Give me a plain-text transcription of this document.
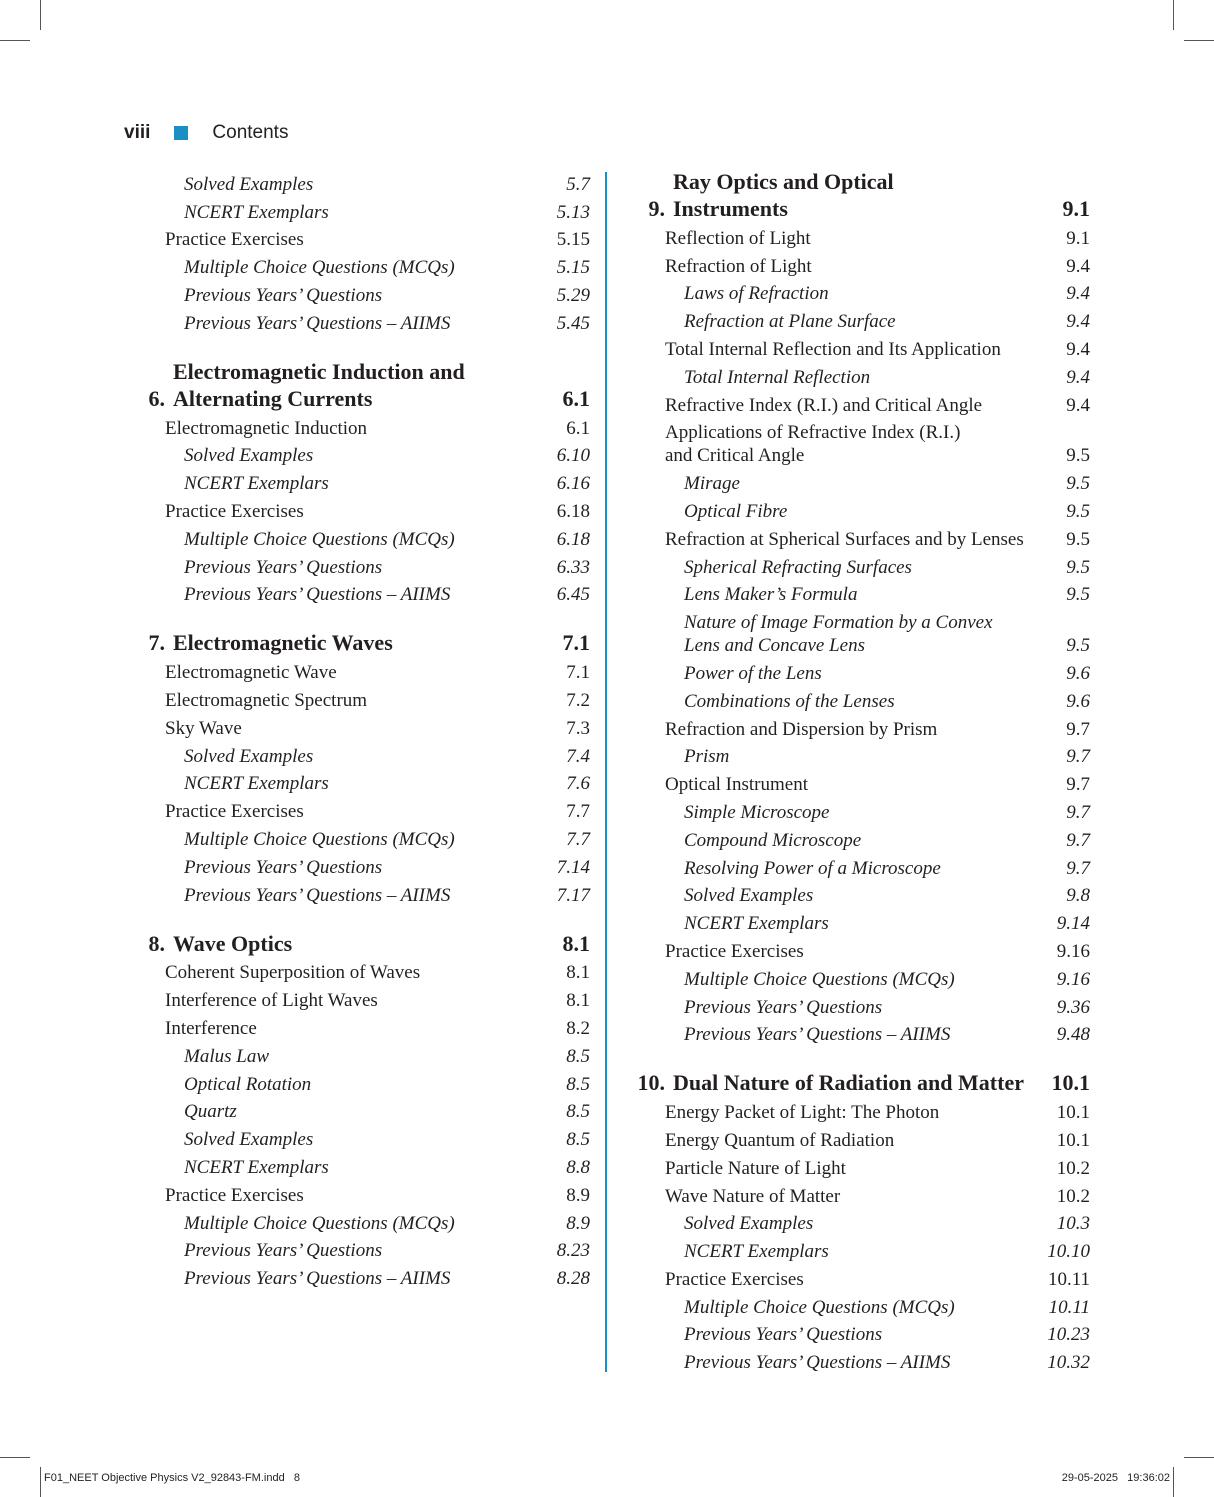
viii	Contents
Solved Examples	5.7
NCERT Exemplars	5.13
Practice Exercises	5.15
Multiple Choice Questions (MCQs)	5.15
Previous Years’ Questions	5.29
Previous Years’ Questions – AIIMS	5.45
6.
Electromagnetic Induction and
Alternating Currents	6.1
Electromagnetic Induction	6.1
Solved Examples	6.10
NCERT Exemplars	6.16
Practice Exercises	6.18
Multiple Choice Questions (MCQs)	6.18
Previous Years’ Questions	6.33
Previous Years’ Questions – AIIMS	6.45
7. Electromagnetic Waves	7.1
Electromagnetic Wave	7.1
Electromagnetic Spectrum	7.2
Sky Wave	7.3
Solved Examples	7.4
NCERT Exemplars	7.6
Practice Exercises	7.7
Multiple Choice Questions (MCQs)	7.7
Previous Years’ Questions	7.14
Previous Years’ Questions – AIIMS	7.17
8. Wave Optics	8.1
Coherent Superposition of Waves	8.1
Interference of Light Waves	8.1
Interference	8.2
Malus Law	8.5
Optical Rotation	8.5
Quartz	8.5
Solved Examples	8.5
NCERT Exemplars	8.8
Practice Exercises	8.9
Multiple Choice Questions (MCQs)	8.9
Previous Years’ Questions	8.23
Previous Years’ Questions – AIIMS	8.28
9.
Ray Optics and Optical
Instruments	9.1
Reflection of Light	9.1
Refraction of Light	9.4
Laws of Refraction	9.4
Refraction at Plane Surface	9.4
Total Internal Reflection and Its Application	9.4
Total Internal Reflection	9.4
Refractive Index (R.I.) and Critical Angle	9.4
Applications of Refractive Index (R.I.)
and Critical Angle	9.5
Mirage	9.5
Optical Fibre	9.5
Refraction at Spherical Surfaces and by Lenses	9.5
Spherical Refracting Surfaces	9.5
Lens Maker’s Formula	9.5
Nature of Image Formation by a Convex
Lens and Concave Lens	9.5
Power of the Lens	9.6
Combinations of the Lenses	9.6
Refraction and Dispersion by Prism	9.7
Prism	9.7
Optical Instrument	9.7
Simple Microscope	9.7
Compound Microscope	9.7
Resolving Power of a Microscope	9.7
Solved Examples	9.8
NCERT Exemplars	9.14
Practice Exercises	9.16
Multiple Choice Questions (MCQs)	9.16
Previous Years’ Questions	9.36
Previous Years’ Questions – AIIMS	9.48
10. Dual Nature of Radiation and Matter	10.1
Energy Packet of Light: The Photon	10.1
Energy Quantum of Radiation	10.1
Particle Nature of Light	10.2
Wave Nature of Matter	10.2
Solved Examples	10.3
NCERT Exemplars	10.10
Practice Exercises	10.11
Multiple Choice Questions (MCQs)	10.11
Previous Years’ Questions	10.23
Previous Years’ Questions – AIIMS	10.32
F01_NEET Objective Physics V2_92843-FM.indd   8	29-05-2025   19:36:02
